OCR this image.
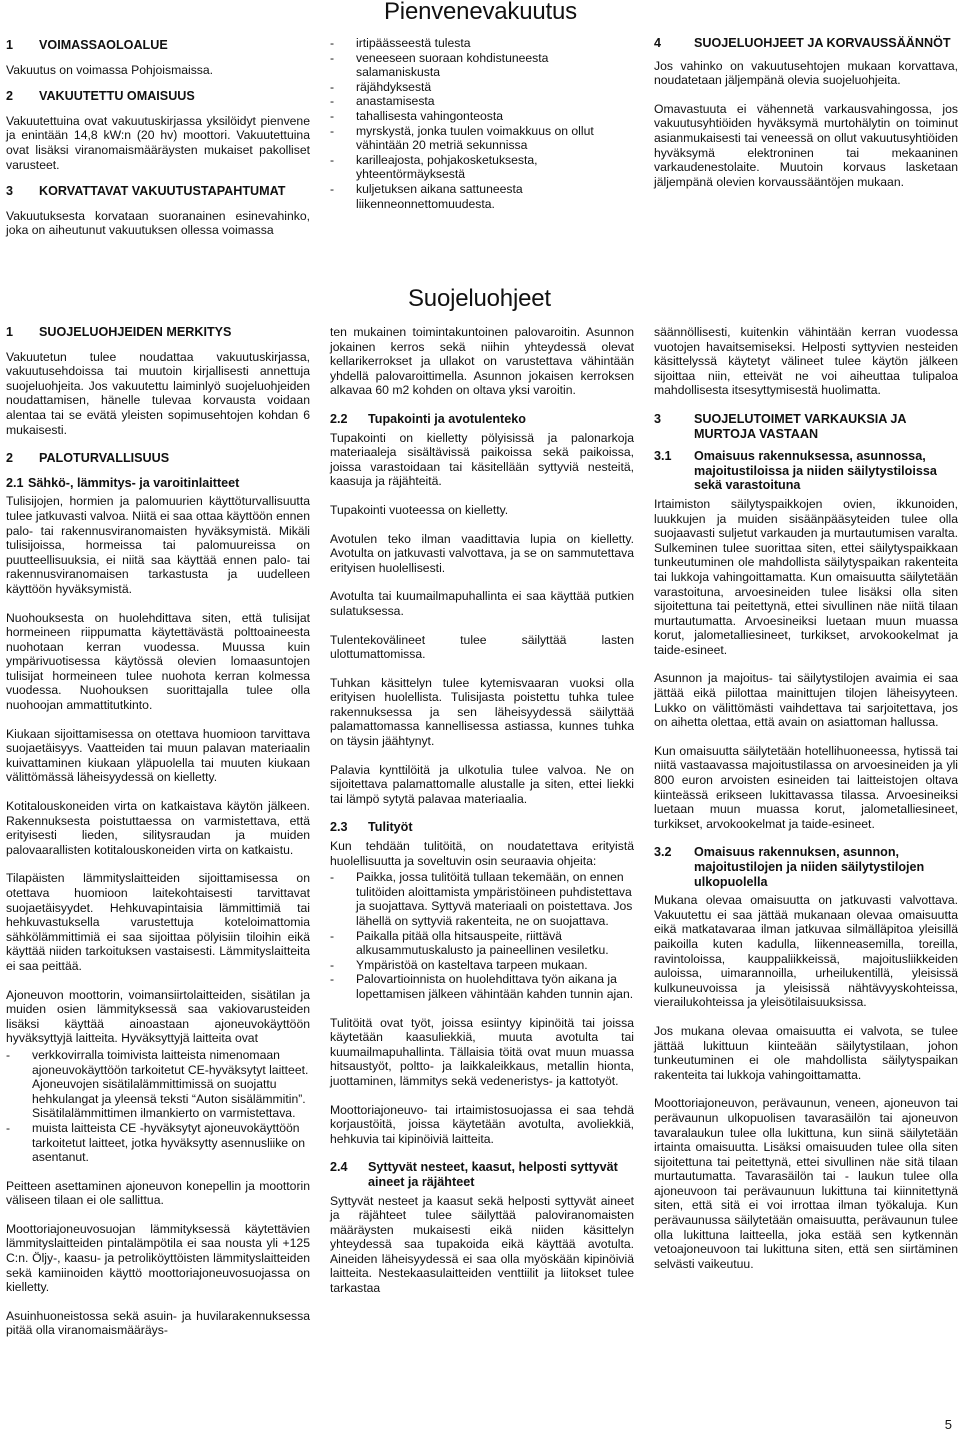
Pienvenevakuutus
Suojeluohjeet
1	VOIMASSAOLOALUE

Vakuutus on voimassa Pohjoismaissa.

2	VAKUUTETTU OMAISUUS

Vakuutettuina ovat vakuutuskirjassa yksilöidyt pienvene ja enintään 14,8 kW:n (20 hv) moottori. Vakuutettuina ovat lisäksi viranomaismääräysten mukaiset pakolliset varusteet.

3	KORVATTAVAT VAKUUTUSTAPAHTUMAT

Vakuutuksesta korvataan suoranainen esinevahinko, joka on aiheutunut vakuutuksen ollessa voimassa

-	irtipäässeestä tulesta
-	veneeseen suoraan kohdistuneesta salamaniskusta
-	räjähdyksestä
-	anastamisesta
-	tahallisesta vahingonteosta
-	myrskystä, jonka tuulen voimakkuus on ollut vähintään 20 metriä sekunnissa
-	karilleajosta, pohjakosketuksesta, yhteentörmäyksestä
-	kuljetuksen aikana sattuneesta liikenneonnettomuudesta.
4	SUOJELUOHJEET JA KORVAUSSÄÄNNÖT

Jos vahinko on vakuutusehtojen mukaan korvattava, noudatetaan jäljempänä olevia suojeluohjeita.

Omavastuuta ei vähennetä varkausvahingossa, jos vakuutusyhtiöiden hyväksymä murtohälytin on toiminut asianmukaisesti tai veneessä on ollut vakuutusyhtiöiden hyväksymä elektroninen tai mekaaninen varkaudenestolaite. Muutoin korvaus lasketaan jäljempänä olevien korvaussääntöjen mukaan.

1	SUOJELUOHJEIDEN MERKITYS

Vakuutetun tulee noudattaa vakuutuskirjassa, vakuutusehdoissa tai muutoin kirjallisesti annettuja suojeluohjeita. Jos vakuutettu laiminlyö suojeluohjeiden noudattamisen, hänelle tulevaa korvausta voidaan alentaa tai se evätä yleisten sopimusehtojen kohdan 6 mukaisesti.

2	PALOTURVALLISUUS
2.1 Sähkö-, lämmitys- ja varoitinlaitteet

Tulisijojen, hormien ja palomuurien käyttöturvallisuutta tulee jatkuvasti valvoa. Niitä ei saa ottaa käyttöön ennen palo- tai rakennusviranomaisten hyväksymistä. Mikäli tulisijoissa, hormeissa tai palomuureissa on puutteellisuuksia, ei niitä saa käyttää ennen palo- tai rakennusviranomaisen tarkastusta ja uudelleen käyttöön hyväksymistä.

Nuohouksesta on huolehdittava siten, että tulisijat hormeineen riippumatta käytettävästä polttoaineesta nuohotaan kerran vuodessa. Muussa kuin ympärivuotisessa käytössä olevien lomaasuntojen tulisijat hormeineen tulee nuohota kerran kolmessa vuodessa. Nuohouksen suorittajalla tulee olla nuohoojan ammattitutkinto.

Kiukaan sijoittamisessa on otettava huomioon tarvittava suojaetäisyys. Vaatteiden tai muun palavan materiaalin kuivattaminen kiukaan yläpuolella tai muuten kiukaan välittömässä läheisyydessä on kielletty.

Kotitalouskoneiden virta on katkaistava käytön jälkeen. Rakennuksesta poistuttaessa on varmistettava, että erityisesti lieden, silitysraudan ja muiden palovaarallisten kotitalouskoneiden virta on katkaistu.

Tilapäisten lämmityslaitteiden sijoittamisessa on otettava huomioon laitekohtaisesti tarvittavat suojaetäisyydet. Hehkuvapintaisia lämmittimiä tai hehkuvastuksella varustettuja koteloimattomia sähkölämmittimiä ei saa sijoittaa pölyisiin tiloihin eikä käyttää niiden tarkoituksen vastaisesti. Lämmityslaitteita ei saa peittää.

Ajoneuvon moottorin, voimansiirtolaitteiden, sisätilan ja muiden osien lämmityksessä saa vakiovarusteiden lisäksi käyttää ainoastaan ajoneuvokäyttöön hyväksyttyjä laitteita. Hyväksyttyjä laitteita ovat

-	verkkovirralla toimivista laitteista nimenomaan ajoneuvokäyttöön tarkoitetut CE-hyväksytyt laitteet. Ajoneuvojen sisätilalämmittimissä on suojattu hehkulangat ja yleensä teksti “Auton sisälämmitin”. Sisätilalämmittimen ilmankierto on varmistettava.
-	muista laitteista CE -hyväksytyt ajoneuvokäyttöön tarkoitetut laitteet, jotka hyväksytty asennusliike on asentanut.

Peitteen asettaminen ajoneuvon konepellin ja moottorin väliseen tilaan ei ole sallittua.

Moottoriajoneuvosuojan lämmityksessä käytettävien lämmityslaitteiden pintalämpötila ei saa nousta yli +125 C:n. Öljy-, kaasu- ja petroliköyttöisten lämmityslaitteiden sekä kamiinoiden käyttö moottoriajoneuvosuojassa on kielletty.

Asuinhuoneistossa sekä asuin- ja huvilarakennuksessa pitää olla viranomaismääräys-

ten mukainen toimintakuntoinen palovaroitin. Asunnon jokainen kerros sekä niihin yhteydessä olevat kellarikerrokset ja ullakot on varustettava vähintään yhdellä palovaroittimella. Asunnon jokaisen kerroksen alkavaa 60 m2 kohden on oltava yksi varoitin.

2.2	Tupakointi ja avotulenteko

Tupakointi on kielletty pölyisissä ja palonarkoja materiaaleja sisältävissä paikoissa sekä paikoissa, joissa varastoidaan tai käsitellään syttyviä nesteitä, kaasuja ja räjähteitä.

Tupakointi vuoteessa on kielletty.

Avotulen teko ilman vaadittavia lupia on kielletty. Avotulta on jatkuvasti valvottava, ja se on sammutettava erityisen huolellisesti.

Avotulta tai kuumailmapuhallinta ei saa käyttää putkien sulatuksessa.

Tulentekovälineet tulee säilyttää lasten ulottumattomissa.

Tuhkan käsittelyn tulee kytemisvaaran vuoksi olla erityisen huolellista. Tulisijasta poistettu tuhka tulee rakennuksessa ja sen läheisyydessä säilyttää palamattomassa kannellisessa astiassa, kunnes tuhka on täysin jäähtynyt.

Palavia kynttilöitä ja ulkotulia tulee valvoa. Ne on sijoitettava palamattomalle alustalle ja siten, ettei liekki tai lämpö sytytä palavaa materiaalia.

2.3	Tulityöt

Kun tehdään tulitöitä, on noudatettava erityistä huolellisuutta ja soveltuvin osin seuraavia ohjeita:

-	Paikka, jossa tulitöitä tullaan tekemään, on ennen tulitöiden aloittamista ympäristöineen puhdistettava ja suojattava. Syttyvä materiaali on poistettava. Jos lähellä on syttyviä rakenteita, ne on suojattava.
-	Paikalla pitää olla hitsauspeite, riittävä alkusammutuskalusto ja paineellinen vesiletku.
-	Ympäristöä on kasteltava tarpeen mukaan.
-	Palovartioinnista on huolehdittava työn aikana ja lopettamisen jälkeen vähintään kahden tunnin ajan.

Tulitöitä ovat työt, joissa esiintyy kipinöitä tai joissa käytetään kaasuliekkiä, muuta avotulta tai kuumailmapuhallinta. Tällaisia töitä ovat muun muassa hitsaustyöt, poltto- ja laikkaleikkaus, metallin hionta, juottaminen, lämmitys sekä vedeneristys- ja kattotyöt.

Moottoriajoneuvo- tai irtaimistosuojassa ei saa tehdä korjaustöitä, joissa käytetään avotulta, avoliekkiä, hehkuvia tai kipinöiviä laitteita.

2.4	Syttyvät nesteet, kaasut, helposti syttyvät aineet ja räjähteet

Syttyvät nesteet ja kaasut sekä helposti syttyvät aineet ja räjähteet tulee säilyttää paloviranomaisten määräysten mukaisesti eikä niiden käsittelyn yhteydessä saa tupakoida eikä käyttää avotulta. Aineiden läheisyydessä ei saa olla myöskään kipinöiviä laitteita. Nestekaasulaitteiden venttiilit ja liitokset tulee tarkastaa

säännöllisesti, kuitenkin vähintään kerran vuodessa vuotojen havaitsemiseksi. Helposti syttyvien nesteiden käsittelyssä käytetyt välineet tulee käytön jälkeen sijoittaa niin, etteivät ne voi aiheuttaa tulipaloa mahdollisesta itsesyttymisestä huolimatta.

3	SUOJELUTOIMET VARKAUKSIA JA MURTOJA VASTAAN
3.1	Omaisuus rakennuksessa, asunnossa, majoitustiloissa ja niiden säilytystiloissa sekä varastoituna

Irtaimiston säilytyspaikkojen ovien, ikkunoiden, luukkujen ja muiden sisäänpääsyteiden tulee olla suojaavasti suljetut varkauden ja murtautumisen varalta. Sulkeminen tulee suorittaa siten, ettei säilytyspaikkaan tunkeutuminen ole mahdollista säilytyspaikan rakenteita tai lukkoja vahingoittamatta. Kun omaisuutta säilytetään varastoituna, arvoesineiden tulee lisäksi olla siten sijoitettuna tai peitettynä, ettei sivullinen näe niitä tilaan murtautumatta. Arvoesineiksi luetaan muun muassa korut, jalometalliesineet, turkikset, arvokookelmat ja taide-esineet.

Asunnon ja majoitus- tai säilytystilojen avaimia ei saa jättää eikä piilottaa mainittujen tilojen läheisyyteen. Lukko on välittömästi vaihdettava tai sarjoitettava, jos on aihetta olettaa, että avain on asiattoman hallussa.

Kun omaisuutta säilytetään hotellihuoneessa, hytissä tai niitä vastaavassa majoitustilassa on arvoesineiden ja yli 800 euron arvoisten esineiden tai laitteistojen oltava kiinteässä erikseen lukittavassa tilassa. Arvoesineiksi luetaan muun muassa korut, jalometalliesineet, turkikset, arvokookelmat ja taide-esineet.

3.2	Omaisuus rakennuksen, asunnon, majoitustilojen ja niiden säilytystilojen ulkopuolella

Mukana olevaa omaisuutta on jatkuvasti valvottava. Vakuutettu ei saa jättää mukanaan olevaa omaisuutta eikä matkatavaraa ilman jatkuvaa silmälläpitoa yleisillä paikoilla kuten kadulla, liikenneasemilla, toreilla, ravintoloissa, kauppaliikkeissä, majoitusliikkeiden auloissa, uimarannoilla, urheilukentillä, yleisissä kulkuneuvoissa ja yleisissä nähtävyyskohteissa, vierailukohteissa ja yleisötilaisuuksissa.

Jos mukana olevaa omaisuutta ei valvota, se tulee jättää lukittuun kiinteään säilytystilaan, johon tunkeutuminen ei ole mahdollista säilytyspaikan rakenteita tai lukkoja vahingoittamatta.

Moottoriajoneuvon, perävaunun, veneen, ajoneuvon tai perävaunun ulkopuolisen tavarasäilön tai ajoneuvon tavaralaukun tulee olla lukittuna, kun siinä säilytetään irtainta omaisuutta. Lisäksi omaisuuden tulee olla siten sijoitettuna tai peitettynä, ettei sivullinen näe sitä tilaan murtautumatta. Tavarasäilön tai - laukun tulee olla ajoneuvoon tai perävaunuun lukittuna tai kiinnitettynä siten, että sitä ei voi irrottaa ilman työkaluja. Kun perävaunussa säilytetään omaisuutta, perävaunun tulee olla lukittuna laitteella, joka estää sen kytkennän vetoajoneuvoon tai lukittuna siten, että sen siirtäminen selvästi vaikeutuu.

5
